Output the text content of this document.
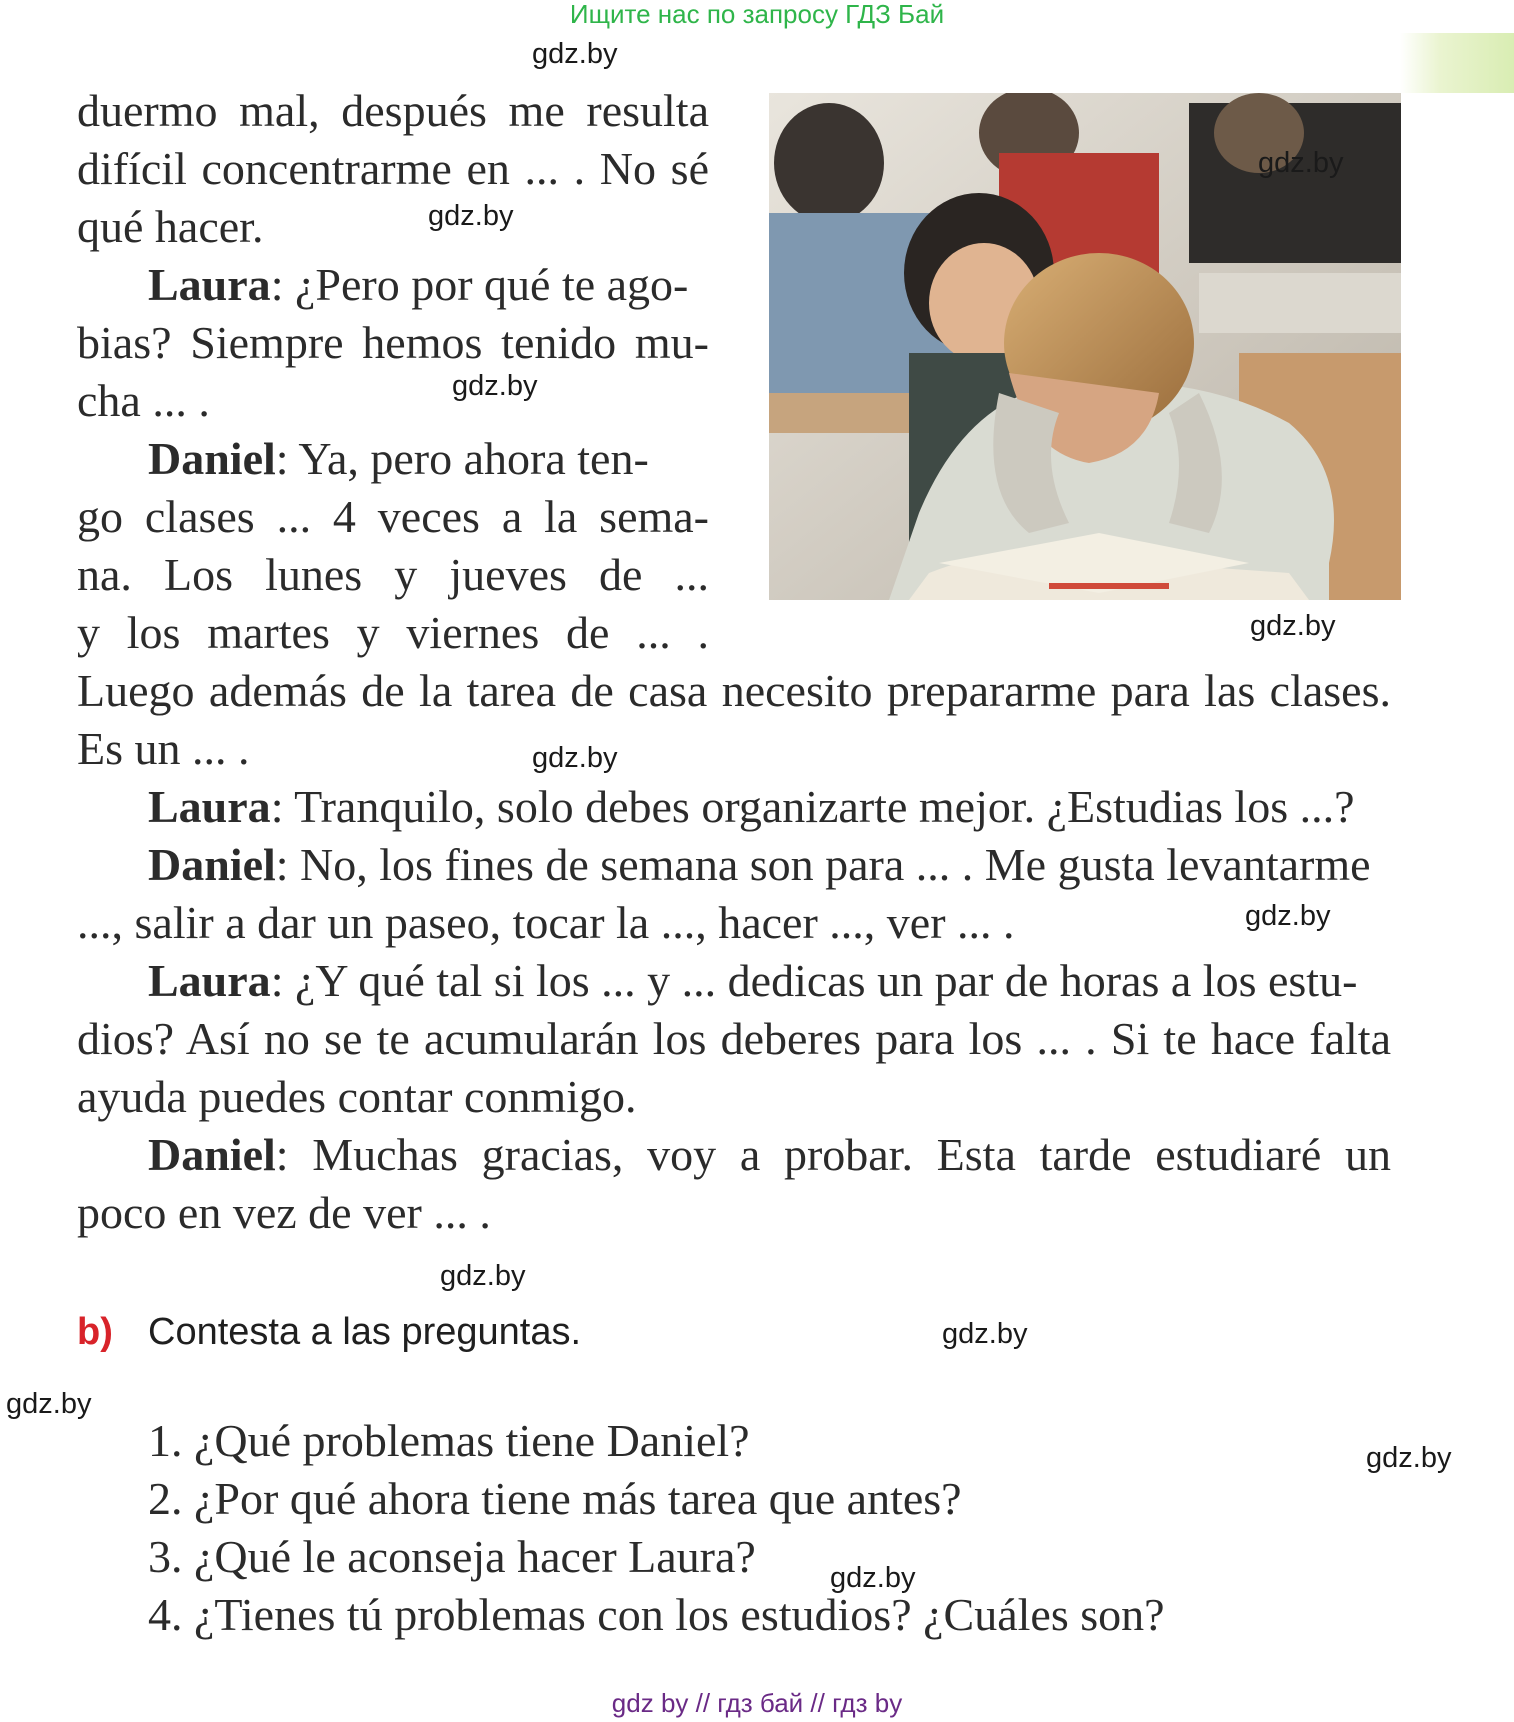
Ищите нас по запросу ГДЗ Бай
duermo mal, después me resulta
difícil concentrarme en ... . No sé
qué hacer.
Laura: ¿Pero por qué te ago-
bias? Siempre hemos tenido mu-
cha ... .
Daniel: Ya, pero ahora ten-
go clases ... 4 veces a la sema-
na. Los lunes y jueves de ...
y los martes y viernes de ... .
Luego además de la tarea de casa necesito prepararme para las clases.
Es un ... .
Laura: Tranquilo, solo debes organizarte mejor. ¿Estudias los ...?
Daniel: No, los fines de semana son para ... . Me gusta levantarme
..., salir a dar un paseo, tocar la ..., hacer ..., ver ... .
Laura: ¿Y qué tal si los ... y ... dedicas un par de horas a los estu-
dios? Así no se te acumularán los deberes para los ... . Si te hace falta
ayuda puedes contar conmigo.
Daniel : Muchas gracias, voy a probar. Esta tarde estudiaré un
poco en vez de ver ... .
b) Contesta a las preguntas.
1. ¿Qué problemas tiene Daniel?
2. ¿Por qué ahora tiene más tarea que antes?
3. ¿Qué le aconseja hacer Laura?
4. ¿Tienes tú problemas con los estudios? ¿Cuáles son?
gdz.by
gdz.by
gdz.by
gdz.by
gdz.by
gdz.by
gdz.by
gdz.by
gdz.by
gdz.by
gdz.by
gdz.by
gdz by // гдз бай // гдз by
